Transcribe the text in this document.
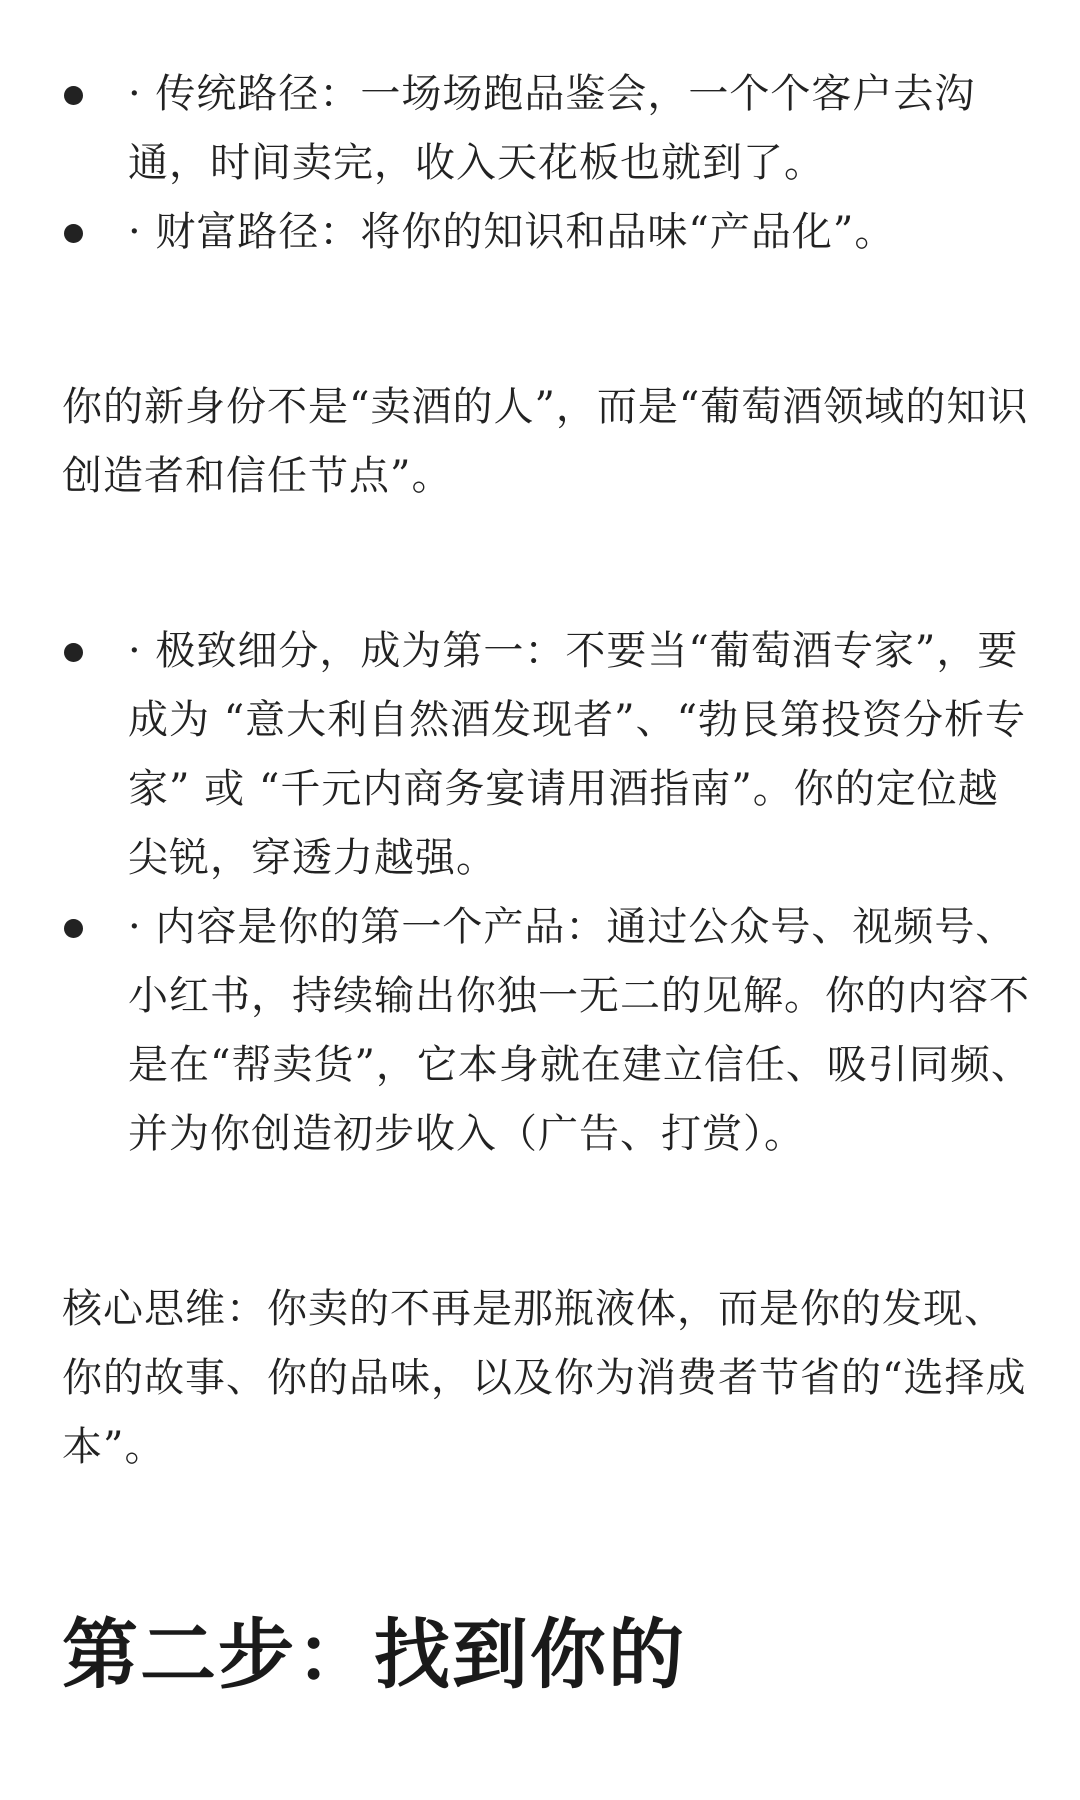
· 传统路径：一场场跑品鉴会，一个个客户去沟通，时间卖完，收入天花板也就到了。
· 财富路径：将你的知识和品味“产品化”。

你的新身份不是“卖酒的人”，而是“葡萄酒领域的知识创造者和信任节点”。

· 极致细分，成为第一：不要当“葡萄酒专家”，要成为 “意大利自然酒发现者”、“勃艮第投资分析专家” 或 “千元内商务宴请用酒指南”。你的定位越尖锐，穿透力越强。
· 内容是你的第一个产品：通过公众号、视频号、小红书，持续输出你独一无二的见解。你的内容不是在“帮卖货”，它本身就在建立信任、吸引同频、并为你创造初步收入（广告、打赏）。

核心思维：你卖的不再是那瓶液体，而是你的发现、你的故事、你的品味，以及你为消费者节省的“选择成本”。

第二步：找到你的
